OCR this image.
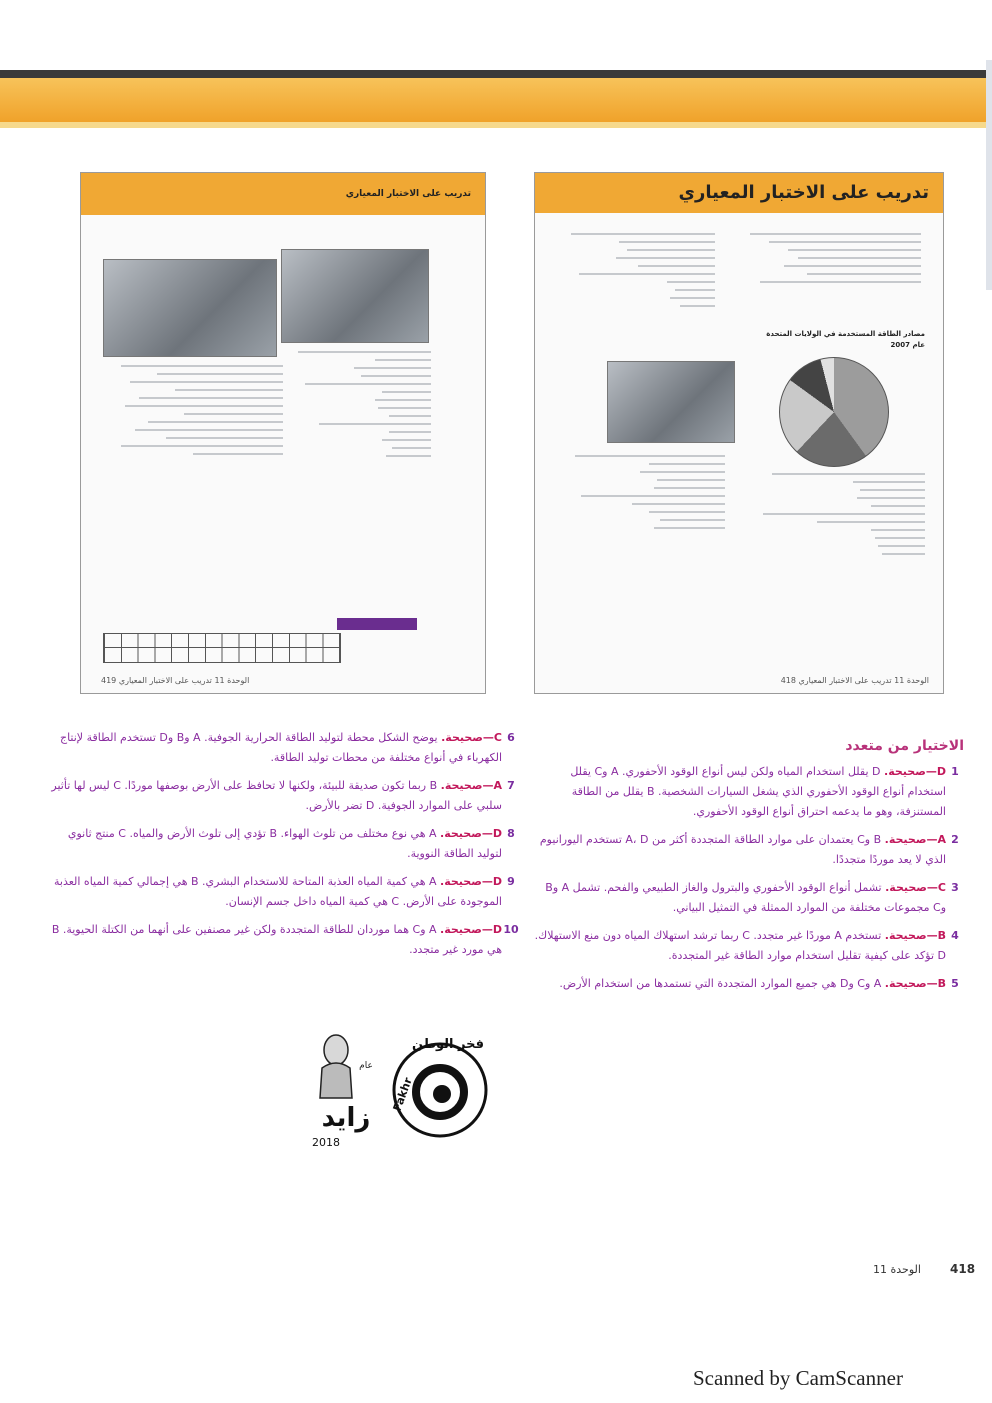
تدريب على الاختبار المعياري
الوحدة 11 تدريب على الاختبار المعياري 419
تدريب على الاختبار المعياري
مصادر الطاقة المستخدمة في الولايات المتحدة عام 2007
الوحدة 11 تدريب على الاختبار المعياري 418
الاختيار من متعدد
1
D—صحيحة. D يقلل استخدام المياه ولكن ليس أنواع الوقود الأحفوري. A وC يقلل استخدام أنواع الوقود الأحفوري الذي يشغل السيارات الشخصية. B يقلل من الطاقة المستنزفة، وهو ما يدعمه احتراق أنواع الوقود الأحفوري.
2
A—صحيحة. B وC يعتمدان على موارد الطاقة المتجددة أكثر من A، D تستخدم اليورانيوم الذي لا يعد موردًا متجددًا.
3
C—صحيحة. تشمل أنواع الوقود الأحفوري والبترول والغاز الطبيعي والفحم. تشمل A وB وC مجموعات مختلفة من الموارد الممثلة في التمثيل البياني.
4
B—صحيحة. تستخدم A موردًا غير متجدد. C ربما ترشد استهلاك المياه دون منع الاستهلاك. D تؤكد على كيفية تقليل استخدام موارد الطاقة غير المتجددة.
5
B—صحيحة. A وC وD هي جميع الموارد المتجددة التي تستمدها من استخدام الأرض.
6
C—صحيحة. يوضح الشكل محطة لتوليد الطاقة الحرارية الجوفية. A وB وD تستخدم الطاقة لإنتاج الكهرباء في أنواع مختلفة من محطات توليد الطاقة.
7
A—صحيحة. B ربما تكون صديقة للبيئة، ولكنها لا تحافظ على الأرض بوصفها موردًا. C ليس لها تأثير سلبي على الموارد الجوفية. D تضر بالأرض.
8
D—صحيحة. A هي نوع مختلف من تلوث الهواء. B تؤدي إلى تلوث الأرض والمياه. C منتج ثانوي لتوليد الطاقة النووية.
9
D—صحيحة. A هي كمية المياه العذبة المتاحة للاستخدام البشري. B هي إجمالي كمية المياه العذبة الموجودة على الأرض. C هي كمية المياه داخل جسم الإنسان.
10
D—صحيحة. A وC هما موردان للطاقة المتجددة ولكن غير مصنفين على أنهما من الكتلة الحيوية. B هي مورد غير متجدد.
عام
زايد
2018
فخر الوطن
Fakhr
الوحدة 11 418
Scanned by CamScanner
